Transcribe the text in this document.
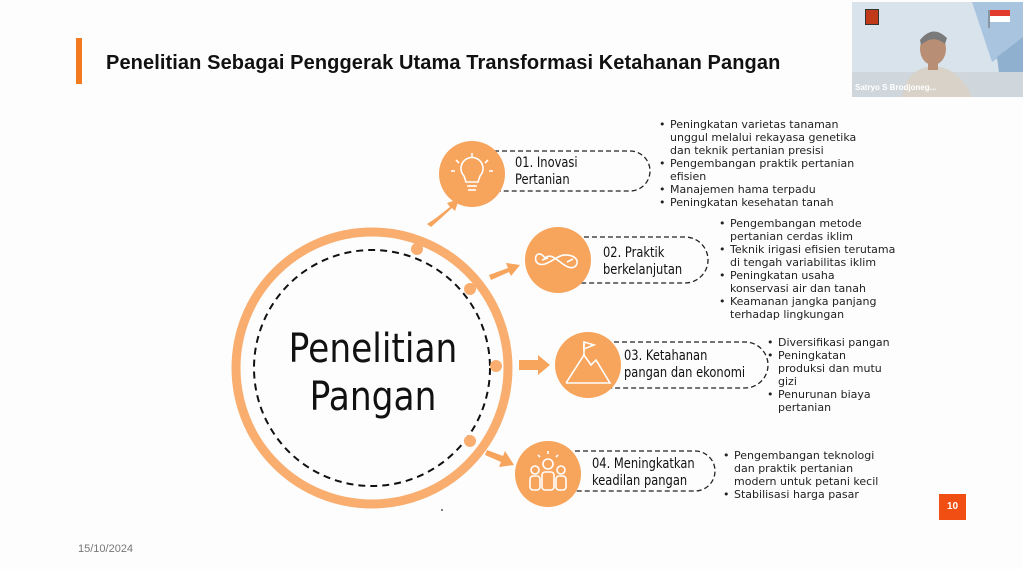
Penelitian Sebagai Penggerak Utama Transformasi Ketahanan Pangan
Penelitian
Pangan
01. Inovasi
Pertanian
02. Praktik
berkelanjutan
03. Ketahanan
pangan dan ekonomi
04. Meningkatkan
keadilan pangan
• Peningkatan varietas tanaman
unggul melalui rekayasa genetika
dan teknik pertanian presisi
• Pengembangan praktik pertanian
efisien
• Manajemen hama terpadu
• Peningkatan kesehatan tanah
• Pengembangan metode
pertanian cerdas iklim
• Teknik irigasi efisien terutama
di tengah variabilitas iklim
• Peningkatan usaha
konservasi air dan tanah
• Keamanan jangka panjang
terhadap lingkungan
• Diversifikasi pangan
• Peningkatan
produksi dan mutu
gizi
• Penurunan biaya
pertanian
• Pengembangan teknologi
dan praktik pertanian
modern untuk petani kecil
• Stabilisasi harga pasar
10
15/10/2024
Satryo S Brodjoneg...
